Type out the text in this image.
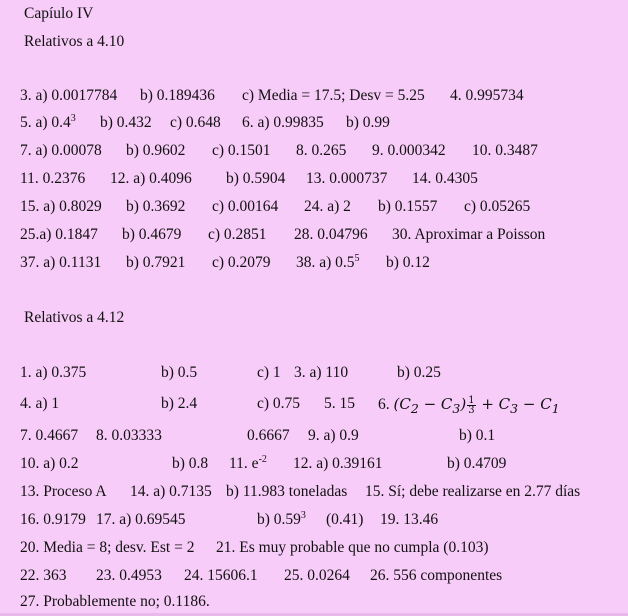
Capíulo IV
Relativos a 4.10
3. a) 0.0017784 b) 0.189436 c) Media = 17.5; Desv = 5.25 4. 0.995734
5. a) $0.4^3$ b) 0.432 c) 0.648 6. a) 0.99835 b) 0.99
7. a) 0.00078 b) 0.9602 c) 0.1501 8. 0.265 9. 0.000342 10. 0.3487
11. 0.2376 12. a) 0.4096 b) 0.5904 13. 0.000737 14. 0.4305
15. a) 0.8029 b) 0.3692 c) 0.00164 24. a) 2 b) 0.1557 c) 0.05265
25.a) 0.1847 b) 0.4679 c) 0.2851 28. 0.04796 30. Aproximar a Poisson
37. a) 0.1131 b) 0.7921 c) 0.2079 38. a) $0.5^5$ b) 0.12
Relativos a 4.12
1. a) 0.375	b) 0.5	c) 1 3. a) 110	b) 0.25
4. a) 1	b) 2.4	c) 0.75 5. 15 6. $(C_2 - C_3) \frac{1}{3} + C_3 - C_1$
7. 0.4667 8. 0.03333	0.6667 9. a) 0.9	b) 0.1
10. a) 0.2	b) 0.8 11. $e^{-2}$ 12. a) 0.39161	b) 0.4709
13. Proceso A 14. a) 0.7135 b) 11.983 toneladas 15. Sí; debe realizarse en 2.77 días
16. 0.9179 17. a) 0.69545	b) 0.59$^3$ (0.41) 19. 13.46
20. Media = 8; desv. Est = 2 21. Es muy probable que no cumpla (0.103)
22. 363 23. 0.4953 24. 15606.1 25. 0.0264 26. 556 componentes
27. Probablemente no; 0.1186.
